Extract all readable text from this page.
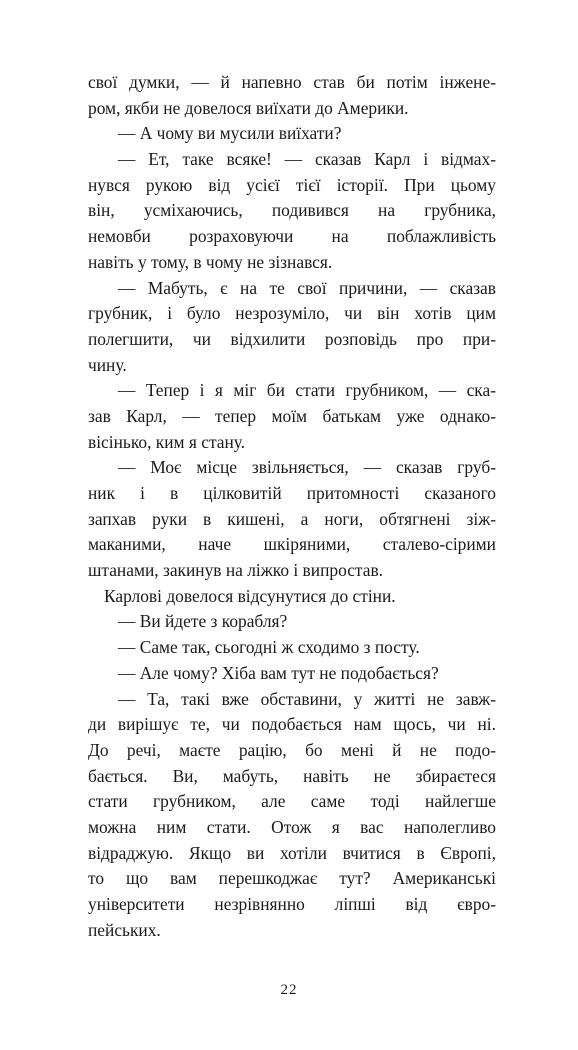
свої думки, — й напевно став би потім інжене-
ром, якби не довелося виїхати до Америки.
— А чому ви мусили виїхати?
— Ет, таке всяке! — сказав Карл і відмах-
нувся рукою від усієї тієї історії. При цьому
він, усміхаючись, подивився на грубника,
немовби розраховуючи на поблажливість
навіть у тому, в чому не зізнався.
— Мабуть, є на те свої причини, — сказав
грубник, і було незрозуміло, чи він хотів цим
полегшити, чи відхилити розповідь про при-
чину.
— Тепер і я міг би стати грубником, — ска-
зав Карл, — тепер моїм батькам уже однако-
вісінько, ким я стану.
— Моє місце звільняється, — сказав груб-
ник і в цілковитій притомності сказаного
запхав руки в кишені, а ноги, обтягнені зіж-
маканими, наче шкіряними, сталево-сірими
штанами, закинув на ліжко і випростав.
Карлові довелося відсунутися до стіни.
— Ви йдете з корабля?
— Саме так, сьогодні ж сходимо з посту.
— Але чому? Хіба вам тут не подобається?
— Та, такі вже обставини, у житті не завж-
ди вирішує те, чи подобається нам щось, чи ні.
До речі, маєте рацію, бо мені й не подо-
бається. Ви, мабуть, навіть не збираєтеся
стати грубником, але саме тоді найлегше
можна ним стати. Отож я вас наполегливо
відраджую. Якщо ви хотіли вчитися в Європі,
то що вам перешкоджає тут? Американські
університети незрівнянно ліпші від євро-
пейських.
22
